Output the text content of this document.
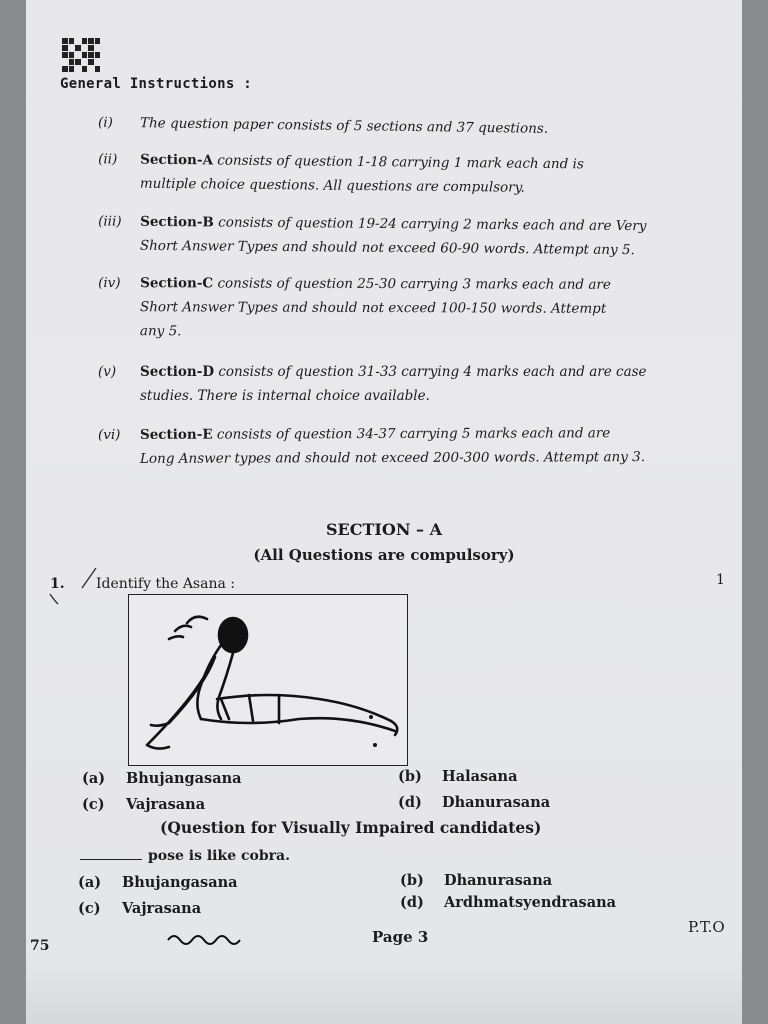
General Instructions :
(i) The question paper consists of 5 sections and 37 questions.
(ii) Section-A consists of question 1-18 carrying 1 mark each and is
multiple choice questions. All questions are compulsory.
(iii) Section-B consists of question 19-24 carrying 2 marks each and are Very
Short Answer Types and should not exceed 60-90 words. Attempt any 5.
(iv) Section-C consists of question 25-30 carrying 3 marks each and are
Short Answer Types and should not exceed 100-150 words. Attempt
any 5.
(v) Section-D consists of question 31-33 carrying 4 marks each and are case
studies. There is internal choice available.
(vi) Section-E consists of question 34-37 carrying 5 marks each and are
Long Answer types and should not exceed 200-300 words. Attempt any 3.
SECTION – A
(All Questions are compulsory)
1. Identify the Asana :	1
(a) Bhujangasana	(b) Halasana
(c) Vajrasana	(d) Dhanurasana
(Question for Visually Impaired candidates)
pose is like cobra.
(a) Bhujangasana	(b) Dhanurasana
(c) Vajrasana	(d) Ardhmatsyendrasana
75	Page 3
P.T.O
